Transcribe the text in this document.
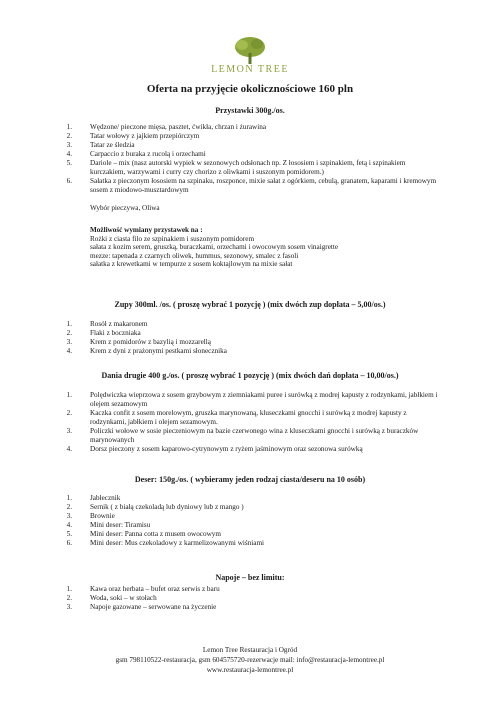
LEMON TREE
Oferta na przyjęcie okolicznościowe 160 pln
Przystawki 300g./os.
1.	Wędzone/ pieczone mięsa, pasztet, ćwikła, chrzan i żurawina
2.	Tatar wołowy z jajkiem przepiórczym
3.	Tatar ze śledzia
4.	Carpaccio z buraka z rucolą i orzechami
5.	Dariole – mix (nasz autorski wypiek w sezonowych odsłonach np. Z łososiem i szpinakiem, fetą i szpinakiem kurczakiem, warzywami i curry czy chorizo z oliwkami i suszonym pomidorem.)
6.	Sałatka z pieczonym łososiem na szpinaku, roszponce, mixie sałat z ogórkiem, cebulą, granatem, kaparami i kremowym sosem z miodowo-musztardowym
Wybór pieczywa, Oliwa
Możliwość wymiany przystawek na :
Rożki z ciasta filo ze szpinakiem i suszonym pomidorem
sałata z kozim serem, gruszką, buraczkami, orzechami i owocowym sosem vinaigrette
mezze: tapenada z czarnych oliwek, hummus, sezonowy, smalec z fasoli
sałatka z krewetkami w tempurze z sosem koktajlowym na mixie sałat
Zupy 300ml. /os. ( proszę wybrać 1 pozycję ) (mix dwóch zup dopłata – 5,00/os.)
1.	Rosół z makaronem
2.	Flaki z boczniaka
3.	Krem z pomidorów z bazylią i mozzarellą
4.	Krem z dyni z prażonymi pestkami słonecznika
Dania drugie 400 g./os. ( proszę wybrać 1 pozycję ) (mix dwóch dań dopłata – 10,00/os.)
1.	Polędwiczka wieprzowa z sosem grzybowym z ziemniakami puree i surówką z modrej kapusty z rodzynkami, jabłkiem i olejem sezamowym
2.	Kaczka confit z sosem morelowym, gruszka marynowaną, kluseczkami gnocchi i surówką z modrej kapusty z rodzynkami, jabłkiem i olejem sezamowym.
3.	Policzki wołowe w sosie pieczeniowym na bazie czerwonego wina z kluseczkami gnocchi i surówką z buraczków marynowanych
4.	Dorsz pieczony z sosem kaparowo-cytrynowym z ryżem jaśminowym oraz sezonowa surówką
Deser: 150g./os. ( wybieramy jeden rodzaj ciasta/deseru na 10 osób)
1.	Jabłecznik
2.	Sernik ( z białą czekoladą lub dyniowy lub z mango )
3.	Brownie
4.	Mini deser: Tiramisu
5.	Mini deser: Panna cotta z musem owocowym
6.	Mini deser: Mus czekoladowy z karmelizowanymi wiśniami
Napoje – bez limitu:
1.	Kawa oraz herbata – bufet oraz serwis z baru
2.	Woda, soki – w stołach
3.	Napoje gazowane – serwowane na życzenie
Lemon Tree Restauracja i Ogród
gsm 798110522-restauracja, gsm 604575720-rezerwacje mail: info@restauracja-lemontree.pl
www.restauracja-lemontree.pl
